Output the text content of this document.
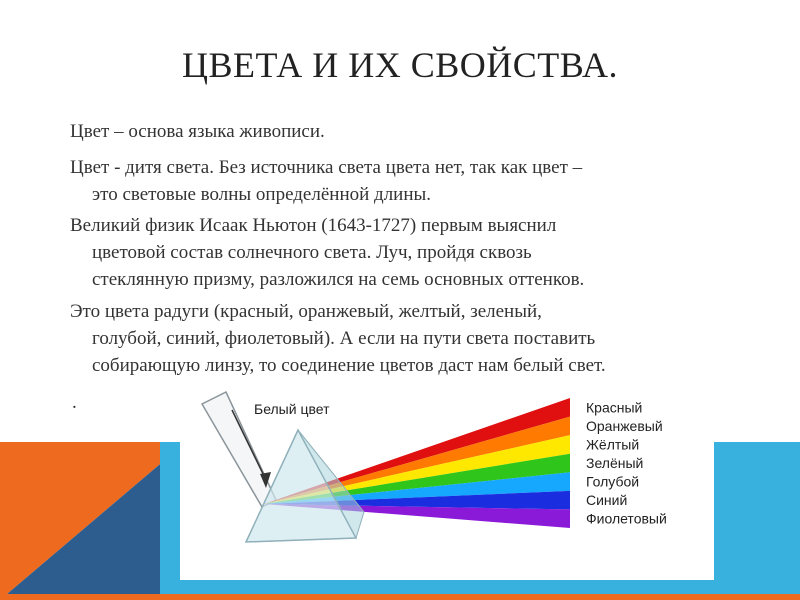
ЦВЕТА И ИХ СВОЙСТВА.

Цвет – основа языка живописи.

Цвет - дитя света. Без источника света цвета нет, так как цвет –
это световые волны определённой длины.

Великий физик Исаак Ньютон (1643-1727) первым выяснил
цветовой состав солнечного света. Луч, пройдя сквозь
стеклянную призму, разложился на семь основных оттенков.

Это цвета радуги (красный, оранжевый, желтый, зеленый,
голубой, синий, фиолетовый). А если на пути света поставить
собирающую линзу, то соединение цветов даст нам белый свет.

.	Белый цвет	Красный
Оранжевый
Жёлтый
Зелёный
Голубой
Синий
Фиолетовый
